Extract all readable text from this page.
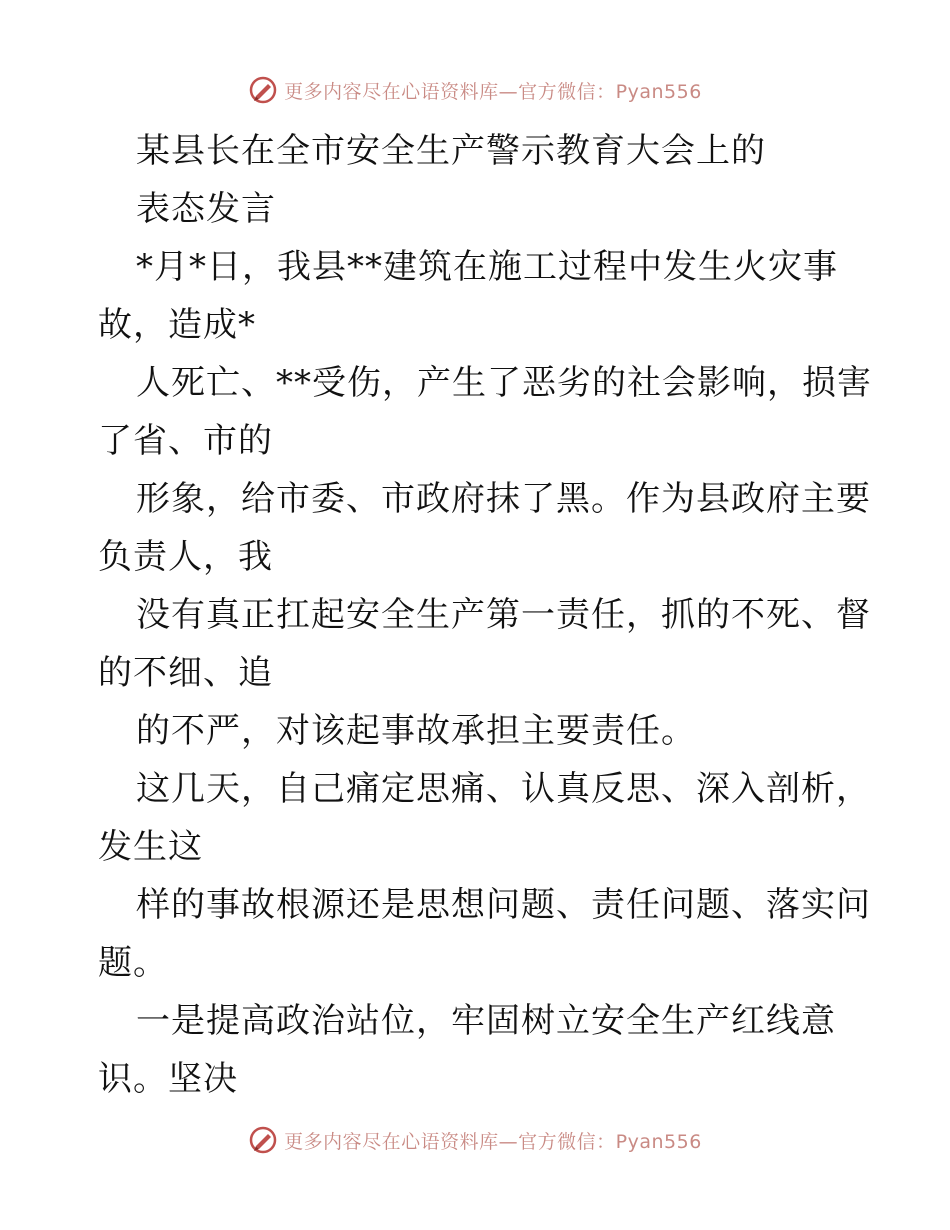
更多内容尽在心语资料库—官方微信：Pyan556
某县长在全市安全生产警示教育大会上的
表态发言
*月*日，我县**建筑在施工过程中发生火灾事
故，造成*
人死亡、**受伤，产生了恶劣的社会影响，损害
了省、市的
形象，给市委、市政府抹了黑。作为县政府主要
负责人，我
没有真正扛起安全生产第一责任，抓的不死、督
的不细、追
的不严，对该起事故承担主要责任。
这几天，自己痛定思痛、认真反思、深入剖析，
发生这
样的事故根源还是思想问题、责任问题、落实问
题。
一是提高政治站位，牢固树立安全生产红线意
识。坚决
更多内容尽在心语资料库—官方微信：Pyan556
